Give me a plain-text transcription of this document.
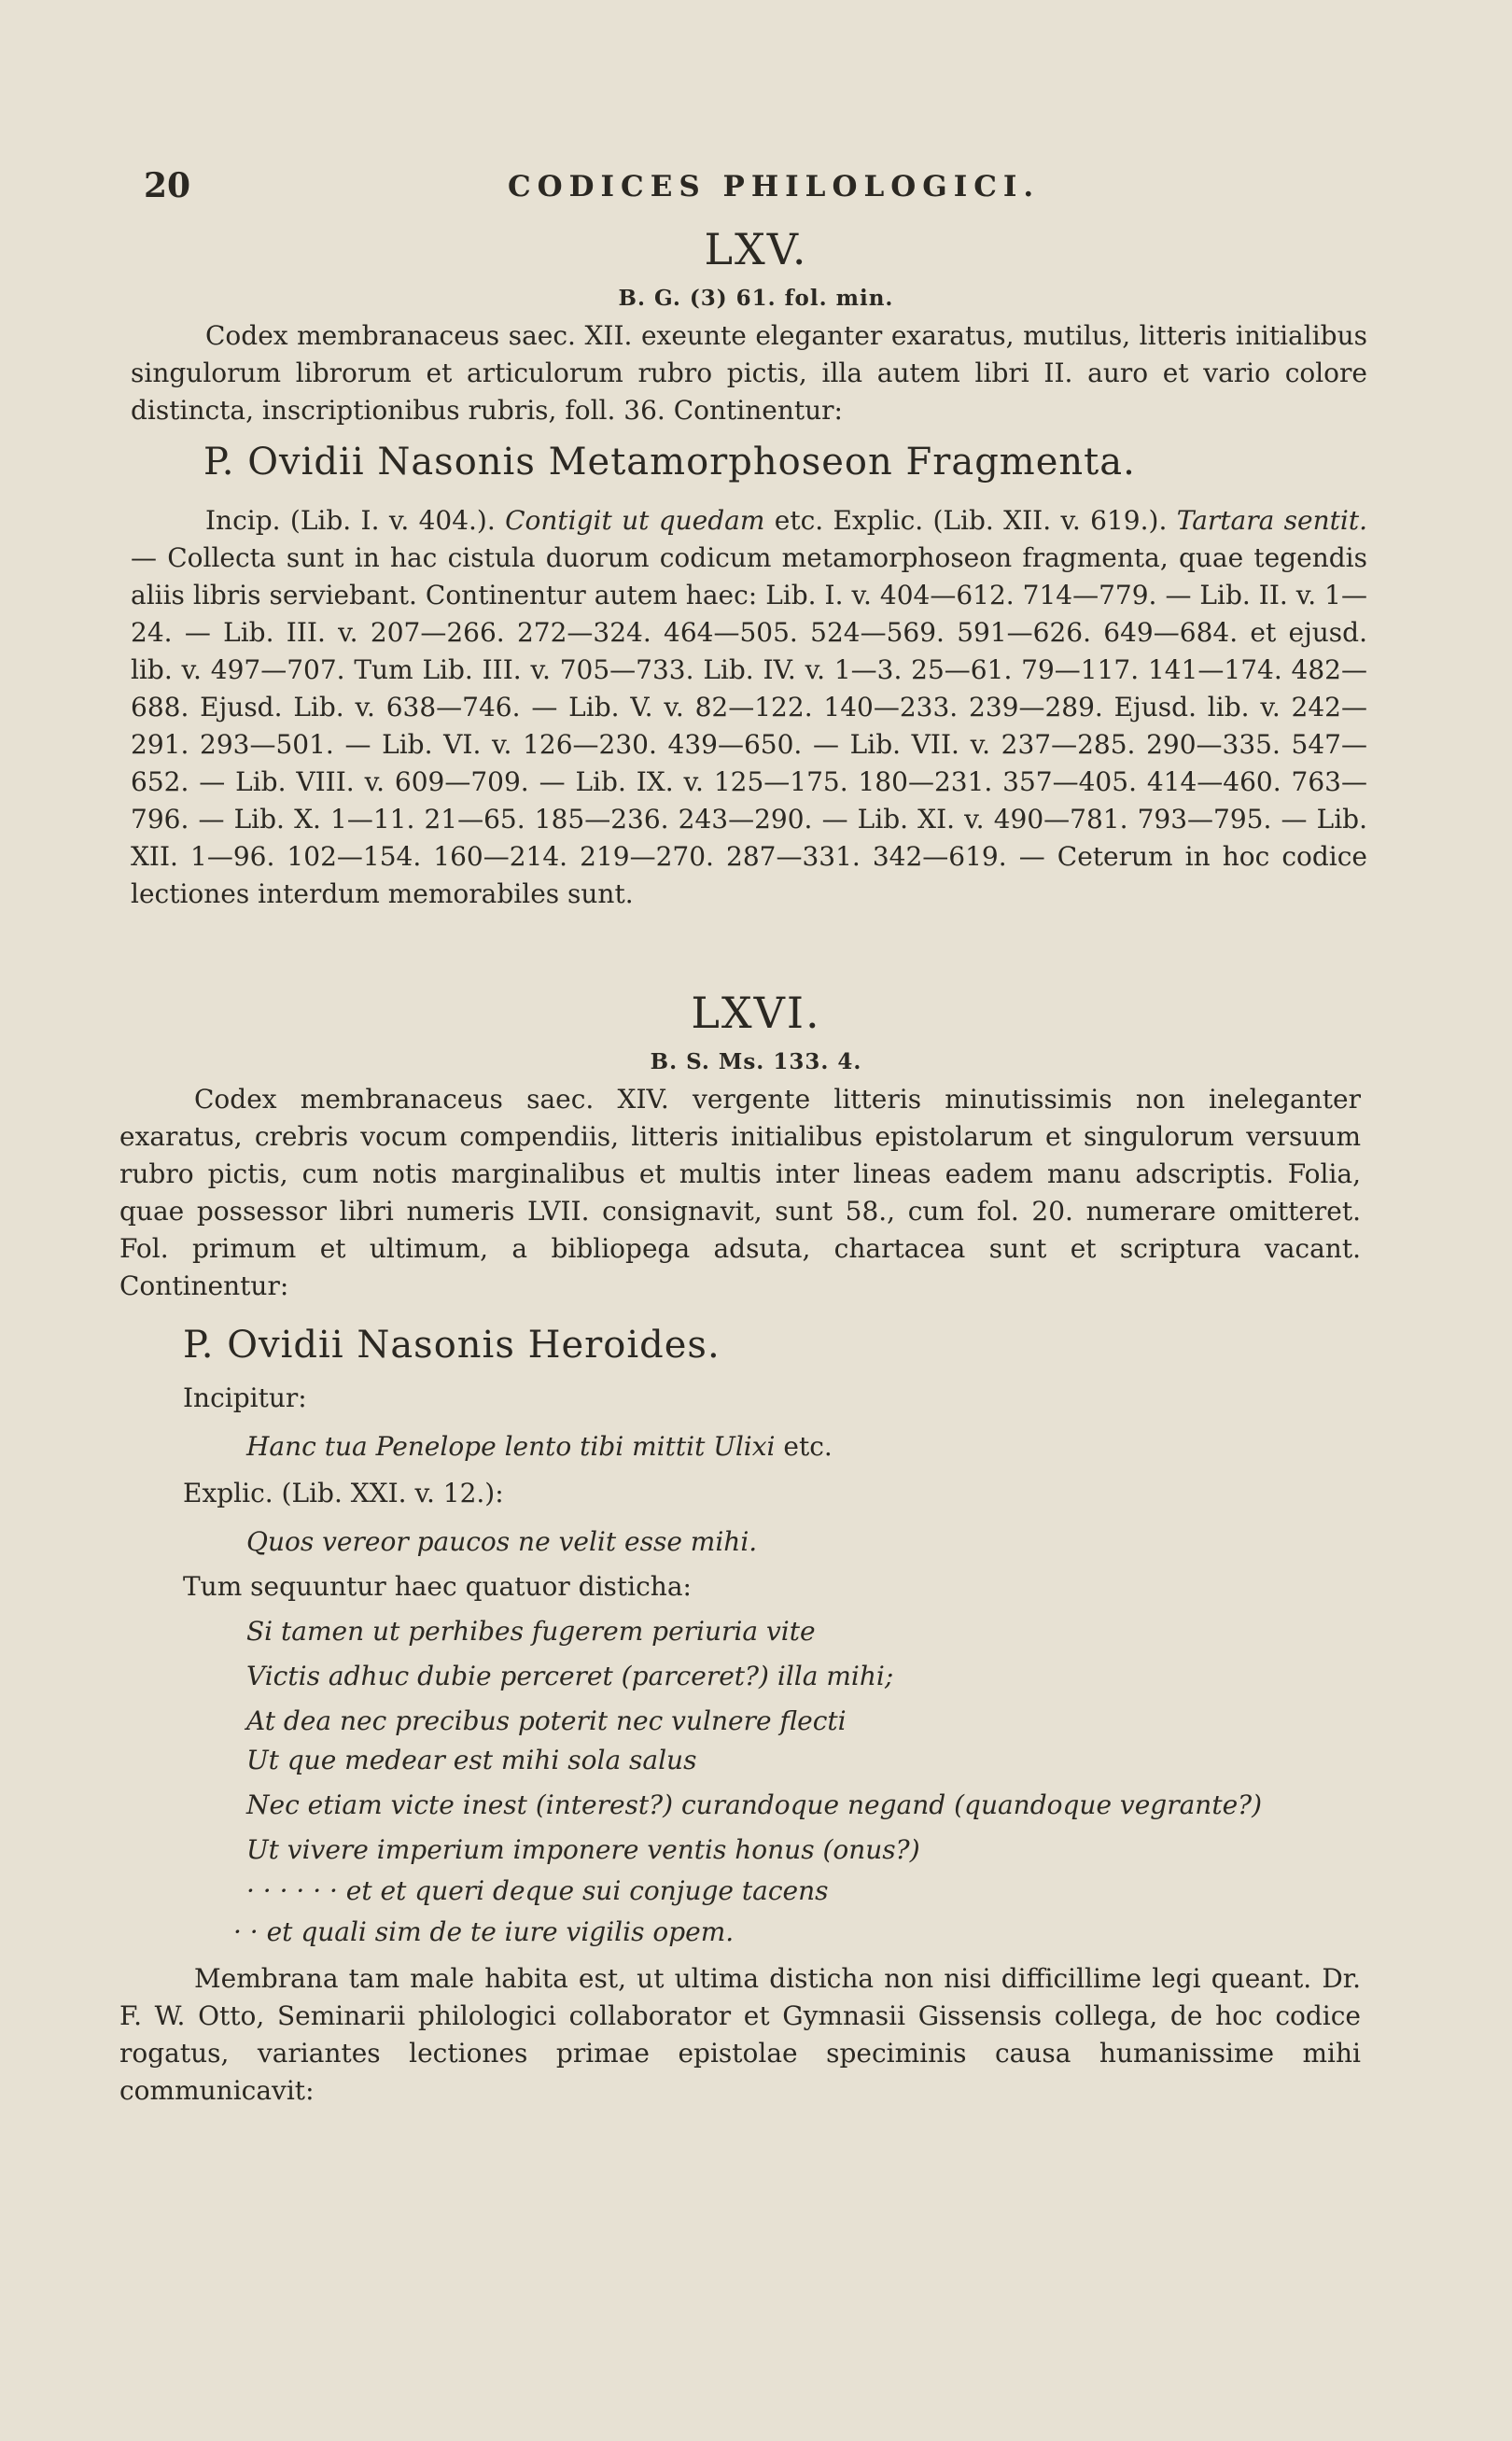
20	CODICES PHILOLOGICI.
LXV.
B. G. (3) 61. fol. min.
Codex membranaceus saec. XII. exeunte eleganter exaratus, mutilus, litteris initialibus singulorum librorum et articulorum rubro pictis, illa autem libri II. auro et vario colore distincta, inscriptionibus rubris, foll. 36. Continentur:
P. Ovidii Nasonis Metamorphoseon Fragmenta.
Incip. (Lib. I. v. 404.). Contigit ut quedam etc. Explic. (Lib. XII. v. 619.). Tartara sentit. — Collecta sunt in hac cistula duorum codicum metamorphoseon fragmenta, quae tegendis aliis libris serviebant. Continentur autem haec: Lib. I. v. 404—612. 714—779. — Lib. II. v. 1—24. — Lib. III. v. 207—266. 272—324. 464—505. 524—569. 591—626. 649—684. et ejusd. lib. v. 497—707. Tum Lib. III. v. 705—733. Lib. IV. v. 1—3. 25—61. 79—117. 141—174. 482—688. Ejusd. Lib. v. 638—746. — Lib. V. v. 82—122. 140—233. 239—289. Ejusd. lib. v. 242—291. 293—501. — Lib. VI. v. 126—230. 439—650. — Lib. VII. v. 237—285. 290—335. 547—652. — Lib. VIII. v. 609—709. — Lib. IX. v. 125—175. 180—231. 357—405. 414—460. 763—796. — Lib. X. 1—11. 21—65. 185—236. 243—290. — Lib. XI. v. 490—781. 793—795. — Lib. XII. 1—96. 102—154. 160—214. 219—270. 287—331. 342—619. — Ceterum in hoc codice lectiones interdum memorabiles sunt.
LXVI.
B. S. Ms. 133. 4.
Codex membranaceus saec. XIV. vergente litteris minutissimis non ineleganter exaratus, crebris vocum compendiis, litteris initialibus epistolarum et singulorum versuum rubro pictis, cum notis marginalibus et multis inter lineas eadem manu adscriptis. Folia, quae possessor libri numeris LVII. consignavit, sunt 58., cum fol. 20. numerare omitteret. Fol. primum et ultimum, a bibliopega adsuta, chartacea sunt et scriptura vacant. Continentur:
P. Ovidii Nasonis Heroides.
Incipitur:
Hanc tua Penelope lento tibi mittit Ulixi etc.
Explic. (Lib. XXI. v. 12.):
Quos vereor paucos ne velit esse mihi.
Tum sequuntur haec quatuor disticha:
Si tamen ut perhibes fugerem periuria vite
Victis adhuc dubie perceret (parceret?) illa mihi;
At dea nec precibus poterit nec vulnere flecti
Ut que medear est mihi sola salus
Nec etiam victe inest (interest?) curandoque negand (quandoque vegrante?)
Ut vivere imperium imponere ventis honus (onus?)
· · · · · · et et queri deque sui conjuge tacens
· · et quali sim de te iure vigilis opem.
Membrana tam male habita est, ut ultima disticha non nisi difficillime legi queant. Dr. F. W. Otto, Seminarii philologici collaborator et Gymnasii Gissensis collega, de hoc codice rogatus, variantes lectiones primae epistolae speciminis causa humanissime mihi communicavit:
